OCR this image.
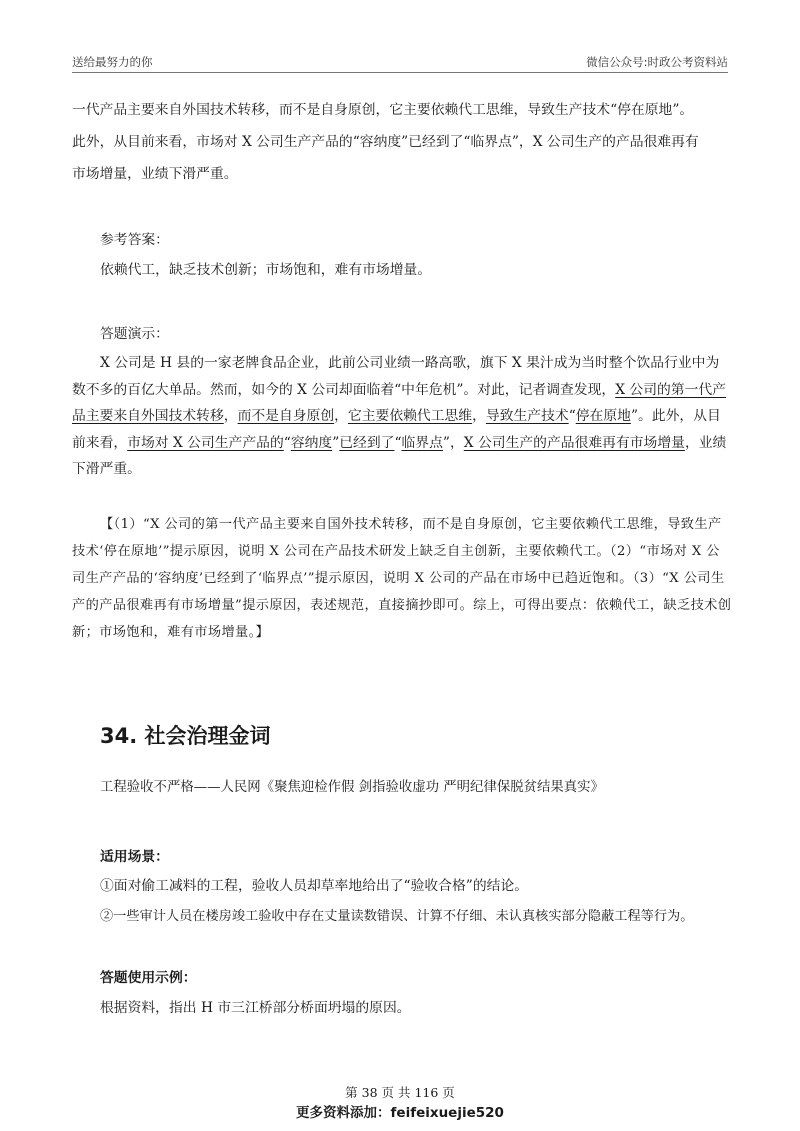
送给最努力的你	微信公众号:时政公考资料站

一代产品主要来自外国技术转移，而不是自身原创，它主要依赖代工思维，导致生产技术“停在原地”。

此外，从目前来看，市场对 X 公司生产产品的“容纳度”已经到了“临界点”，X 公司生产的产品很难再有

市场增量，业绩下滑严重。

参考答案：

依赖代工，缺乏技术创新；市场饱和，难有市场增量。

答题演示：

X 公司是 H 县的一家老牌食品企业，此前公司业绩一路高歌，旗下 X 果汁成为当时整个饮品行业中为数不多的百亿大单品。然而，如今的 X 公司却面临着“中年危机”。对此，记者调查发现，X 公司的第一代产品主要来自外国技术转移，而不是自身原创，它主要依赖代工思维，导致生产技术“停在原地”。此外，从目前来看，市场对 X 公司生产产品的“容纳度”已经到了“临界点”，X 公司生产的产品很难再有市场增量，业绩下滑严重。

【（1）“X 公司的第一代产品主要来自国外技术转移，而不是自身原创，它主要依赖代工思维，导致生产技术‘停在原地’”提示原因，说明 X 公司在产品技术研发上缺乏自主创新，主要依赖代工。（2）“市场对 X 公司生产产品的‘容纳度’已经到了‘临界点’”提示原因，说明 X 公司的产品在市场中已趋近饱和。（3）“X 公司生产的产品很难再有市场增量”提示原因，表述规范，直接摘抄即可。综上，可得出要点：依赖代工，缺乏技术创新；市场饱和，难有市场增量。】

34. 社会治理金词

工程验收不严格——人民网《聚焦迎检作假 剑指验收虚功 严明纪律保脱贫结果真实》

适用场景：

①面对偷工减料的工程，验收人员却草率地给出了“验收合格”的结论。

②一些审计人员在楼房竣工验收中存在丈量读数错误、计算不仔细、未认真核实部分隐蔽工程等行为。

答题使用示例：

根据资料，指出 H 市三江桥部分桥面坍塌的原因。

第 38 页 共 116 页
更多资料添加：feifeixuejie520
